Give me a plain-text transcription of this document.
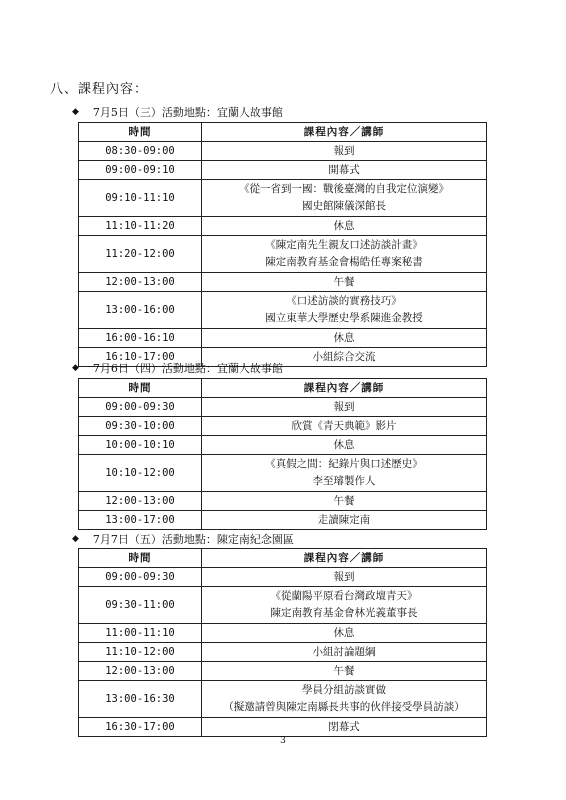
八、課程內容：
◆ 7月5日（三）活動地點：宜蘭人故事館
時間	課程內容／講師
08:30-09:00	報到
09:00-09:10	開幕式
09:10-11:10	《從一省到一國：戰後臺灣的自我定位演變》
國史館陳儀深館長

11:10-11:20	休息
11:20-12:00	《陳定南先生親友口述訪談計畫》
陳定南教育基金會楊皓任專案秘書

12:00-13:00	午餐
13:00-16:00	《口述訪談的實務技巧》
國立東華大學歷史學系陳進金教授

16:00-16:10	休息
16:10-17:00	小組綜合交流
◆ 7月6日（四）活動地點：宜蘭人故事館
時間	課程內容／講師
09:00-09:30	報到
09:30-10:00	欣賞《青天典範》影片
10:00-10:10	休息
10:10-12:00	《真假之間：紀錄片與口述歷史》
李至璿製作人

12:00-13:00	午餐
13:00-17:00	走讀陳定南
◆ 7月7日（五）活動地點：陳定南紀念園區
時間	課程內容／講師
09:00-09:30	報到
09:30-11:00	《從蘭陽平原看台灣政壇青天》
陳定南教育基金會林光義董事長

11:00-11:10	休息
11:10-12:00	小組討論題綱
12:00-13:00	午餐
13:00-16:30	學員分組訪談實做
（擬邀請曾與陳定南縣長共事的伙伴接受學員訪談）

16:30-17:00	閉幕式
3
